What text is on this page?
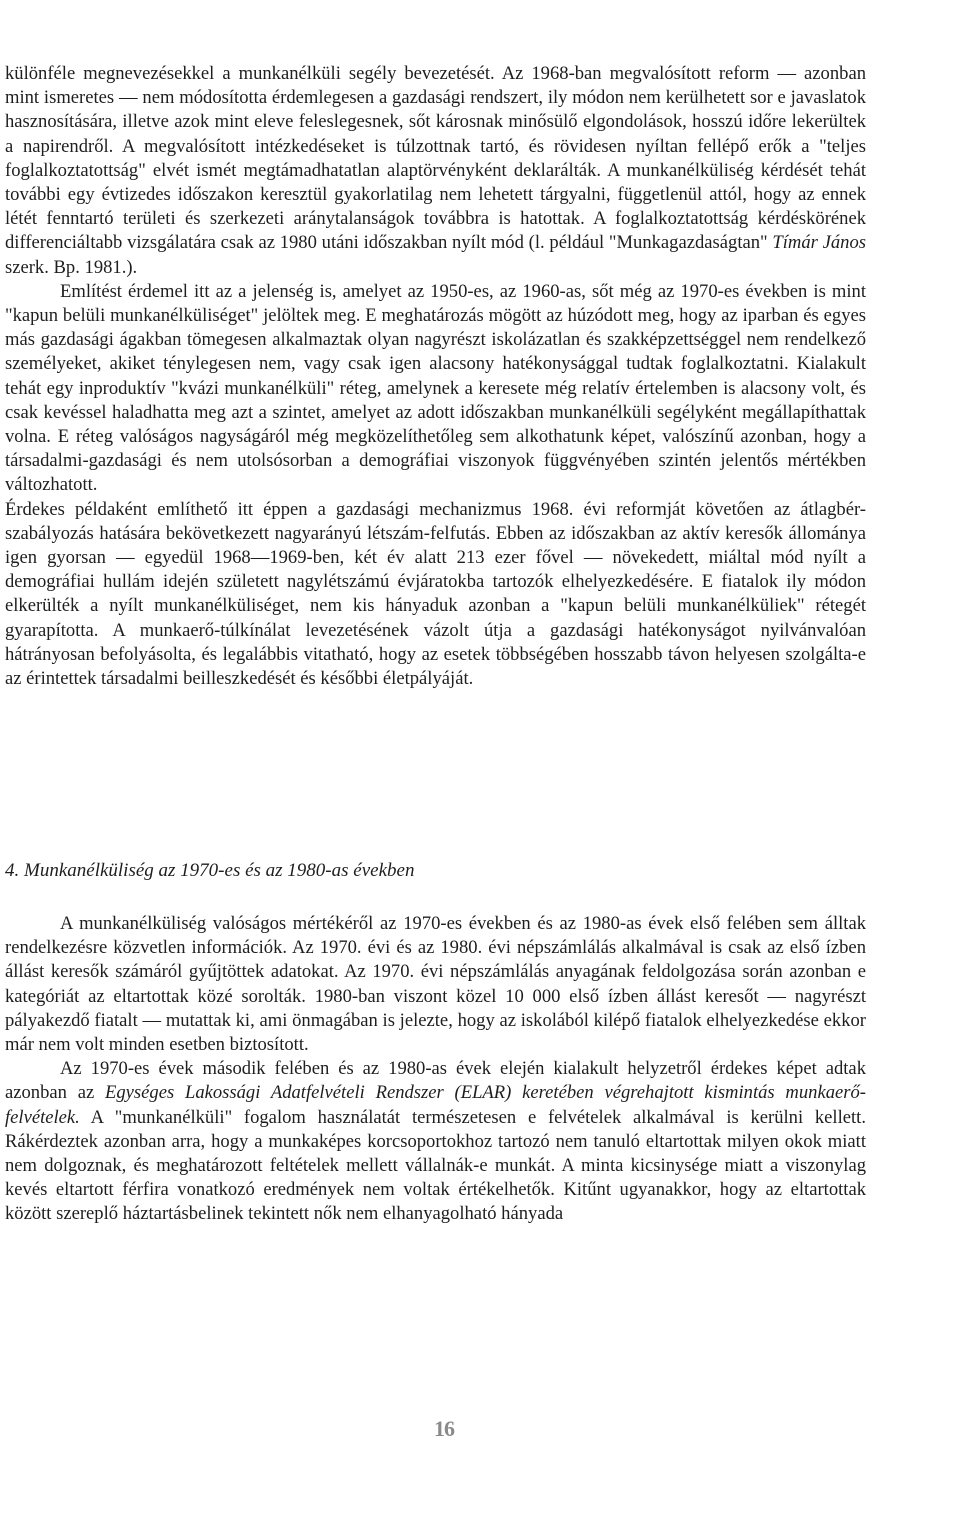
különféle megnevezésekkel a munkanélküli segély bevezetését. Az 1968-ban megvalósított reform — azonban mint ismeretes — nem módosította érdemlegesen a gazdasági rendszert, ily módon nem kerülhetett sor e javaslatok hasznosítására, illetve azok mint eleve feleslegesnek, sőt károsnak minősülő elgondolások, hosszú időre lekerültek a napirendről. A megvalósított intézkedéseket is túlzottnak tartó, és rövidesen nyíltan fellépő erők a "teljes foglalkoztatottság" elvét ismét megtámadhatatlan alaptörvényként deklarálták. A munkanélküliség kérdését tehát további egy évtizedes időszakon keresztül gyakorlatilag nem lehetett tárgyalni, függetlenül attól, hogy az ennek létét fenntartó területi és szerkezeti aránytalanságok továbbra is hatottak. A foglalkoztatottság kérdéskörének differenciáltabb vizsgálatára csak az 1980 utáni időszakban nyílt mód (l. például "Munkagazdaságtan" Tímár János szerk. Bp. 1981.).

Említést érdemel itt az a jelenség is, amelyet az 1950-es, az 1960-as, sőt még az 1970-es években is mint "kapun belüli munkanélküliséget" jelöltek meg. E meghatározás mögött az húzódott meg, hogy az iparban és egyes más gazdasági ágakban tömegesen alkalmaztak olyan nagyrészt iskolázatlan és szakképzettséggel nem rendelkező személyeket, akiket ténylegesen nem, vagy csak igen alacsony hatékonysággal tudtak foglalkoztatni. Kialakult tehát egy inproduktív "kvázi munkanélküli" réteg, amelynek a keresete még relatív értelemben is alacsony volt, és csak kevéssel haladhatta meg azt a szintet, amelyet az adott időszakban munkanélküli segélyként megállapíthattak volna. E réteg valóságos nagyságáról még megközelíthetőleg sem alkothatunk képet, valószínű azonban, hogy a társadalmi-gazdasági és nem utolsósorban a demográfiai viszonyok függvényében szintén jelentős mértékben változhatott.

Érdekes példaként említhető itt éppen a gazdasági mechanizmus 1968. évi reformját követően az átlagbér-szabályozás hatására bekövetkezett nagyarányú létszám-felfutás. Ebben az időszakban az aktív keresők állománya igen gyorsan — egyedül 1968—1969-ben, két év alatt 213 ezer fővel — növekedett, miáltal mód nyílt a demográfiai hullám idején született nagylétszámú évjáratokba tartozók elhelyezkedésére. E fiatalok ily módon elkerülték a nyílt munkanélküliséget, nem kis hányaduk azonban a "kapun belüli munkanélküliek" rétegét gyarapította. A munkaerő-túlkínálat levezetésének vázolt útja a gazdasági hatékonyságot nyilvánvalóan hátrányosan befolyásolta, és legalábbis vitatható, hogy az esetek többségében hosszabb távon helyesen szolgálta-e az érintettek társadalmi beilleszkedését és későbbi életpályáját.

4. Munkanélküliség az 1970-es és az 1980-as években

A munkanélküliség valóságos mértékéről az 1970-es években és az 1980-as évek első felében sem álltak rendelkezésre közvetlen információk. Az 1970. évi és az 1980. évi népszámlálás alkalmával is csak az első ízben állást keresők számáról gyűjtöttek adatokat. Az 1970. évi népszámlálás anyagának feldolgozása során azonban e kategóriát az eltartottak közé sorolták. 1980-ban viszont közel 10 000 első ízben állást keresőt — nagyrészt pályakezdő fiatalt — mutattak ki, ami önmagában is jelezte, hogy az iskolából kilépő fiatalok elhelyezkedése ekkor már nem volt minden esetben biztosított.

Az 1970-es évek második felében és az 1980-as évek elején kialakult helyzetről érdekes képet adtak azonban az Egységes Lakossági Adatfelvételi Rendszer (ELAR) keretében végrehajtott kismintás munkaerő-felvételek. A "munkanélküli" fogalom használatát természetesen e felvételek alkalmával is kerülni kellett. Rákérdeztek azonban arra, hogy a munkaképes korcsoportokhoz tartozó nem tanuló eltartottak milyen okok miatt nem dolgoznak, és meghatározott feltételek mellett vállalnák-e munkát. A minta kicsinysége miatt a viszonylag kevés eltartott férfira vonatkozó eredmények nem voltak értékelhetők. Kitűnt ugyanakkor, hogy az eltartottak között szereplő háztartásbelinek tekintett nők nem elhanyagolható hányada

16
